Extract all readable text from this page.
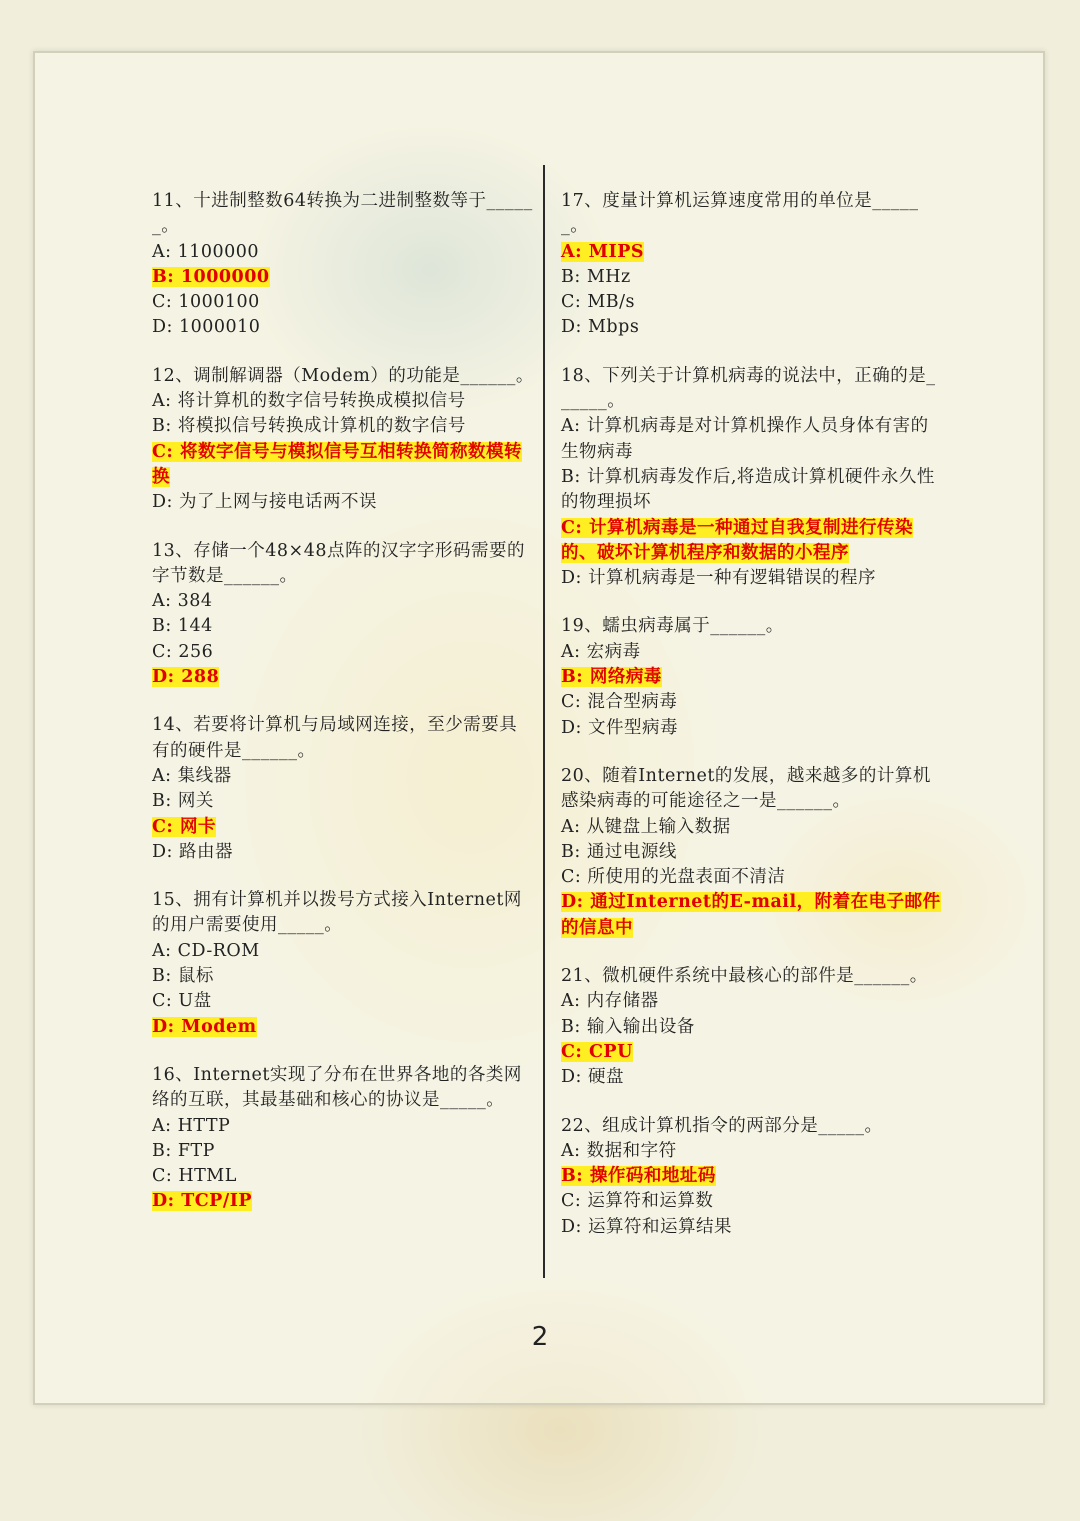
11、十进制整数64转换为二进制整数等于______。
A: 1100000
B: 1000000
C: 1000100
D: 1000010
12、调制解调器（Modem）的功能是______。
A: 将计算机的数字信号转换成模拟信号
B: 将模拟信号转换成计算机的数字信号
C: 将数字信号与模拟信号互相转换简称数模转换
D: 为了上网与接电话两不误
13、存储一个48×48点阵的汉字字形码需要的字节数是______。
A: 384
B: 144
C: 256
D: 288
14、若要将计算机与局域网连接，至少需要具有的硬件是______。
A: 集线器
B: 网关
C: 网卡
D: 路由器
15、拥有计算机并以拨号方式接入Internet网的用户需要使用_____。
A: CD-ROM
B: 鼠标
C: U盘
D: Modem
16、Internet实现了分布在世界各地的各类网络的互联，其最基础和核心的协议是_____。
A: HTTP
B: FTP
C: HTML
D: TCP/IP
17、度量计算机运算速度常用的单位是______。
A: MIPS
B: MHz
C: MB/s
D: Mbps
18、下列关于计算机病毒的说法中，正确的是______。
A: 计算机病毒是对计算机操作人员身体有害的生物病毒
B: 计算机病毒发作后,将造成计算机硬件永久性的物理损坏
C: 计算机病毒是一种通过自我复制进行传染的、破坏计算机程序和数据的小程序
D: 计算机病毒是一种有逻辑错误的程序
19、蠕虫病毒属于______。
A: 宏病毒
B: 网络病毒
C: 混合型病毒
D: 文件型病毒
20、随着Internet的发展，越来越多的计算机感染病毒的可能途径之一是______。
A: 从键盘上输入数据
B: 通过电源线
C: 所使用的光盘表面不清洁
D: 通过Internet的E-mail，附着在电子邮件的信息中
21、微机硬件系统中最核心的部件是______。
A: 内存储器
B: 输入输出设备
C: CPU
D: 硬盘
22、组成计算机指令的两部分是_____。
A: 数据和字符
B: 操作码和地址码
C: 运算符和运算数
D: 运算符和运算结果
2
